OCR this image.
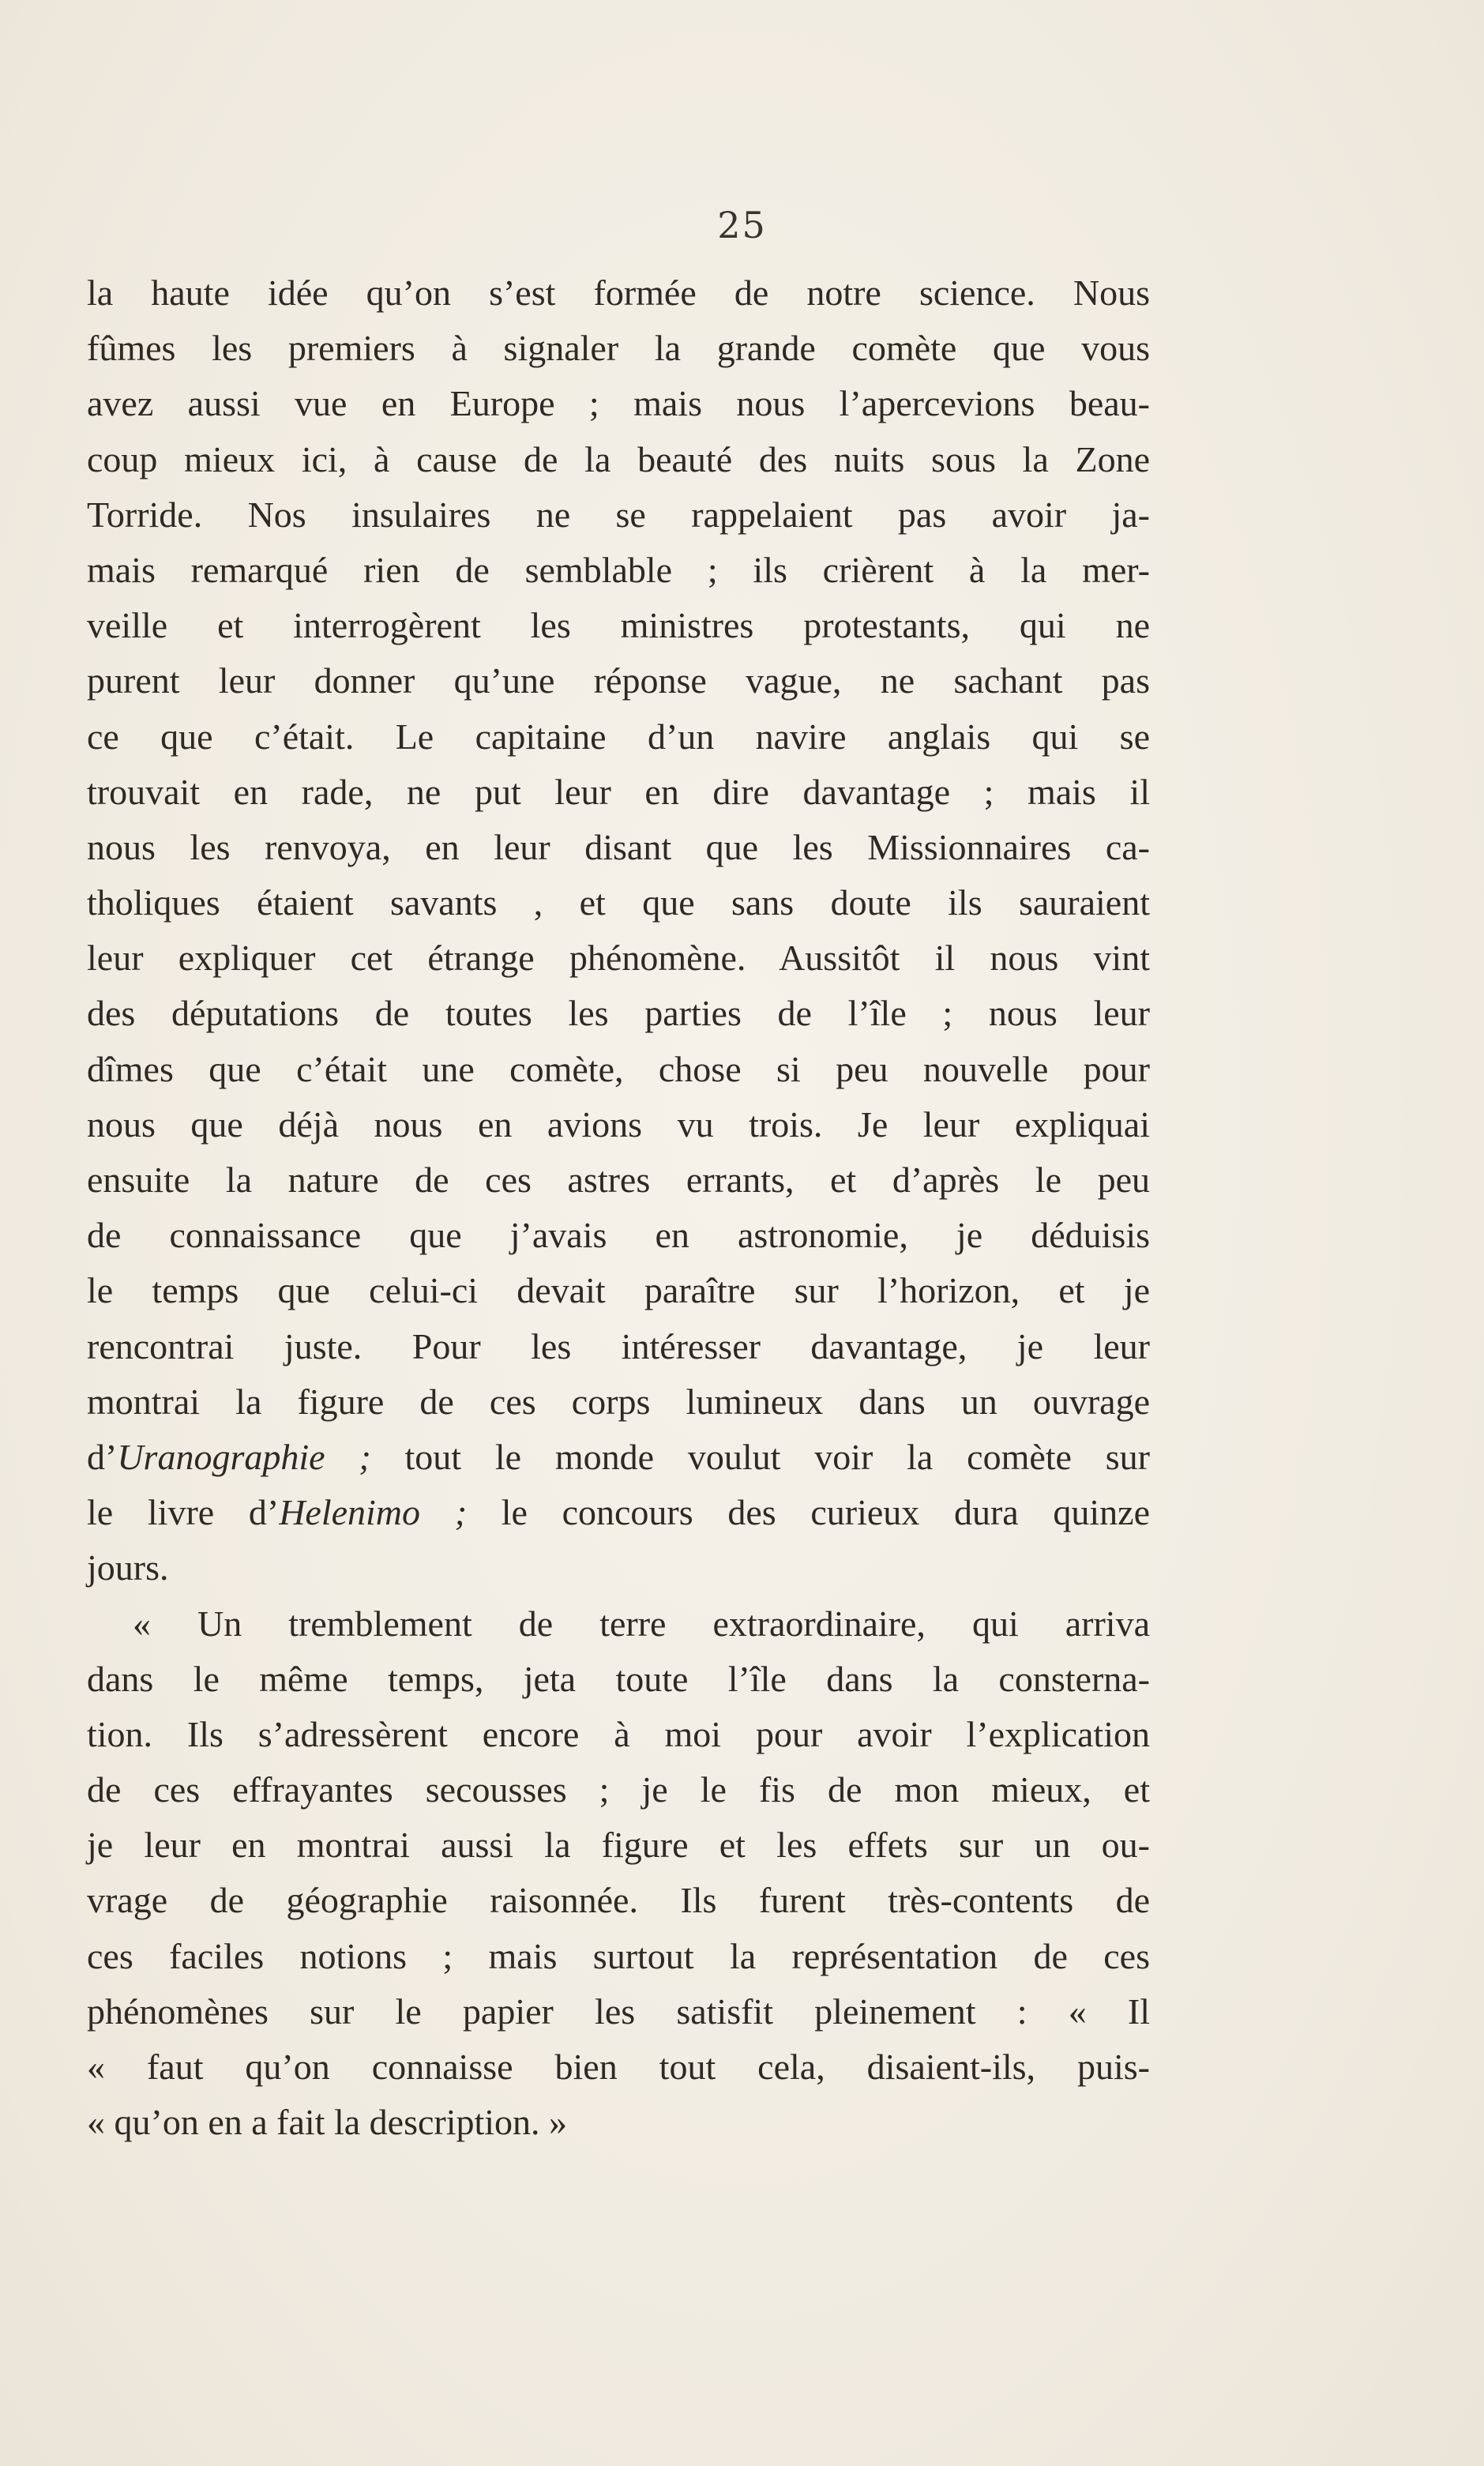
25
la haute idée qu’on s’est formée de notre science. Nous
fûmes les premiers à signaler la grande comète que vous
avez aussi vue en Europe ; mais nous l’apercevions beau-
coup mieux ici, à cause de la beauté des nuits sous la Zone
Torride. Nos insulaires ne se rappelaient pas avoir ja-
mais remarqué rien de semblable ; ils crièrent à la mer-
veille et interrogèrent les ministres protestants, qui ne
purent leur donner qu’une réponse vague, ne sachant pas
ce que c’était. Le capitaine d’un navire anglais qui se
trouvait en rade, ne put leur en dire davantage ; mais il
nous les renvoya, en leur disant que les Missionnaires ca-
tholiques étaient savants , et que sans doute ils sauraient
leur expliquer cet étrange phénomène. Aussitôt il nous vint
des députations de toutes les parties de l’île ; nous leur
dîmes que c’était une comète, chose si peu nouvelle pour
nous que déjà nous en avions vu trois. Je leur expliquai
ensuite la nature de ces astres errants, et d’après le peu
de connaissance que j’avais en astronomie, je déduisis
le temps que celui-ci devait paraître sur l’horizon, et je
rencontrai juste. Pour les intéresser davantage, je leur
montrai la figure de ces corps lumineux dans un ouvrage
d’Uranographie ; tout le monde voulut voir la comète sur
le livre d’Helenimo ; le concours des curieux dura quinze
jours.
« Un tremblement de terre extraordinaire, qui arriva
dans le même temps, jeta toute l’île dans la consterna-
tion. Ils s’adressèrent encore à moi pour avoir l’explication
de ces effrayantes secousses ; je le fis de mon mieux, et
je leur en montrai aussi la figure et les effets sur un ou-
vrage de géographie raisonnée. Ils furent très-contents de
ces faciles notions ; mais surtout la représentation de ces
phénomènes sur le papier les satisfit pleinement : « Il
« faut qu’on connaisse bien tout cela, disaient-ils, puis-
« qu’on en a fait la description. »
